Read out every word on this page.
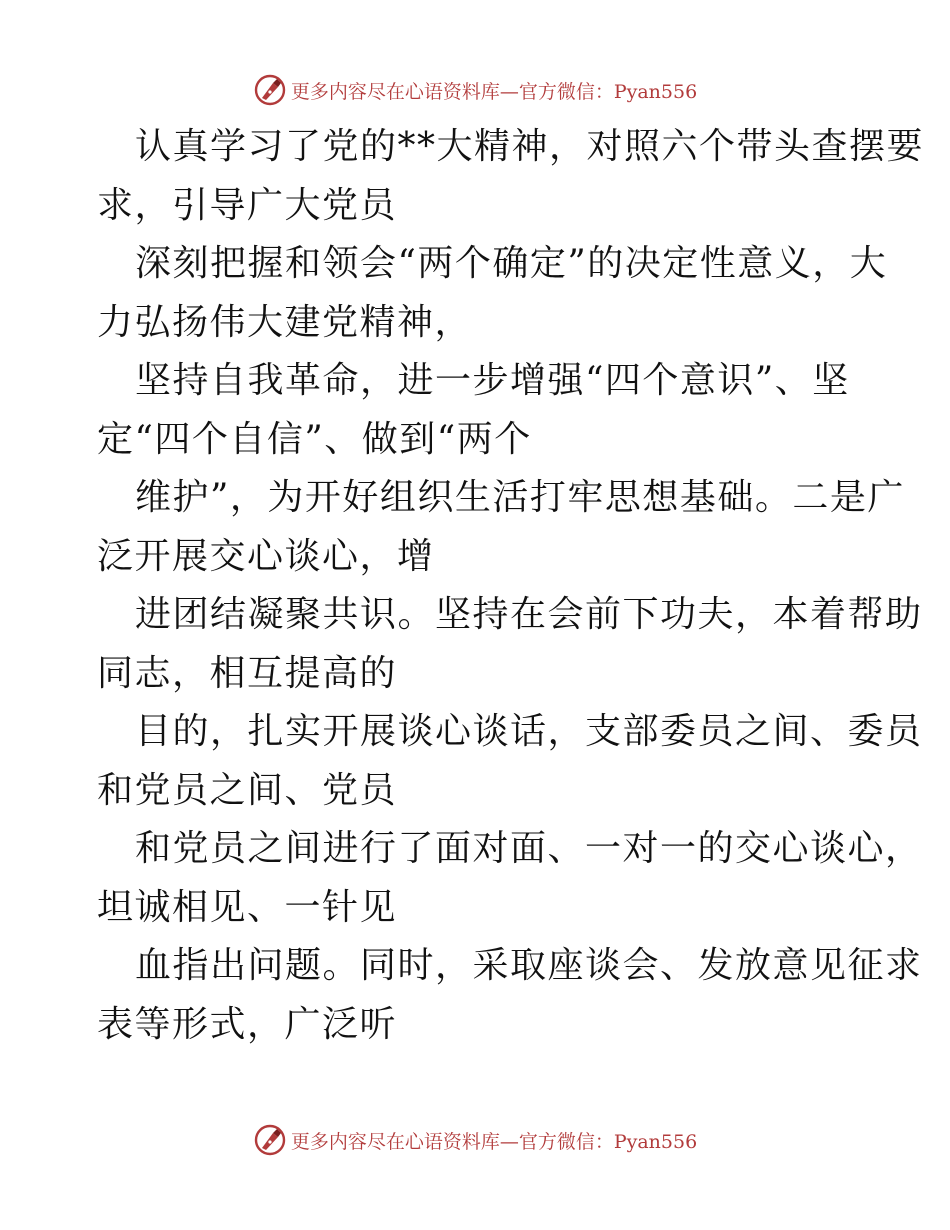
更多内容尽在心语资料库—官方微信：Pyan556
认真学习了党的**大精神，对照六个带头查摆要
求，引导广大党员
深刻把握和领会“两个确定”的决定性意义，大
力弘扬伟大建党精神，
坚持自我革命，进一步增强“四个意识”、坚
定“四个自信”、做到“两个
维护”，为开好组织生活打牢思想基础。二是广
泛开展交心谈心，增
进团结凝聚共识。坚持在会前下功夫，本着帮助
同志，相互提高的
目的，扎实开展谈心谈话，支部委员之间、委员
和党员之间、党员
和党员之间进行了面对面、一对一的交心谈心，
坦诚相见、一针见
血指出问题。同时，采取座谈会、发放意见征求
表等形式，广泛听
更多内容尽在心语资料库—官方微信：Pyan556
